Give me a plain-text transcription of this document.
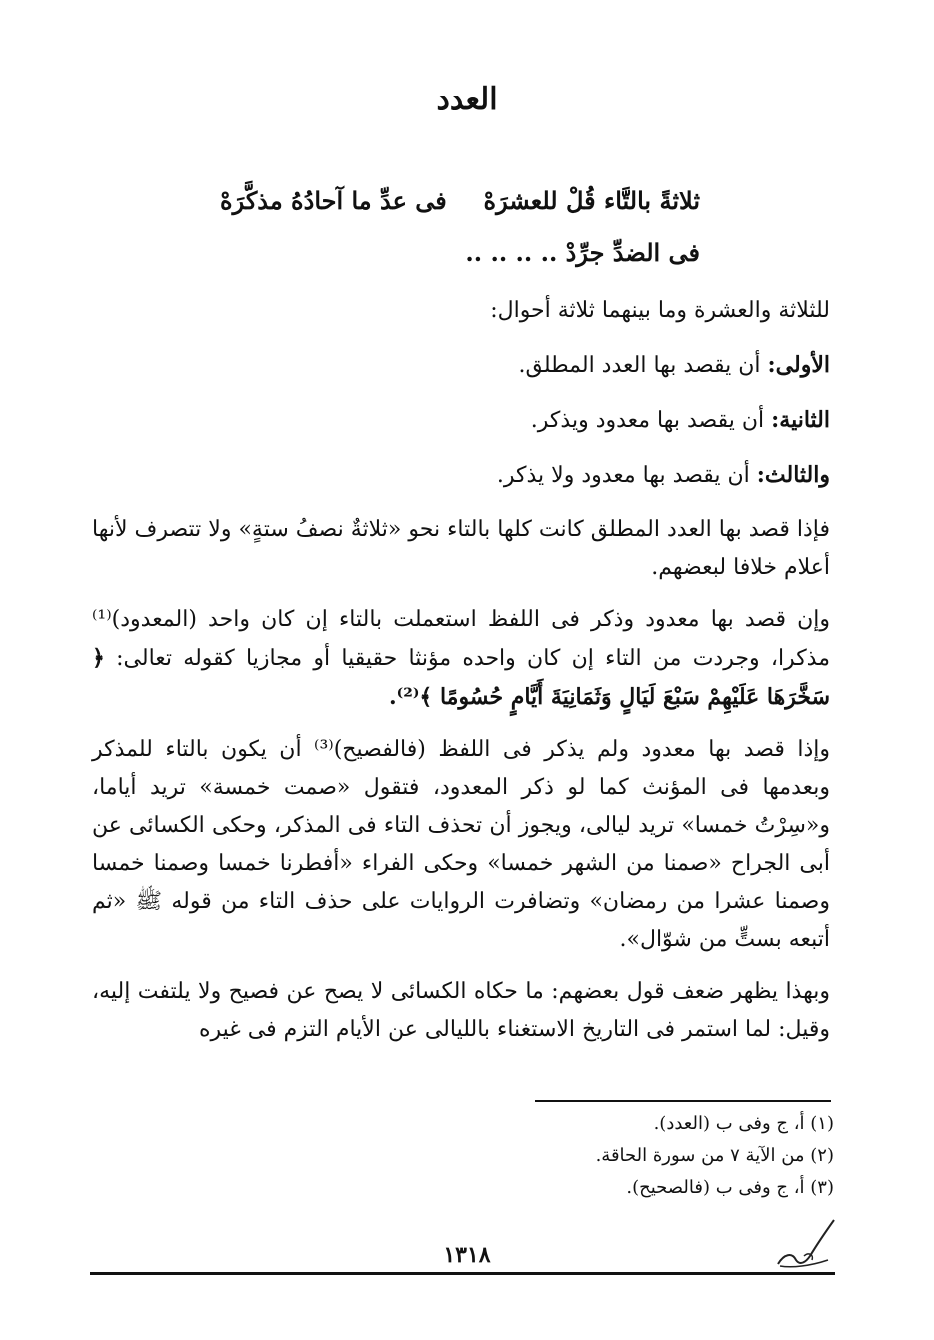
العدد
ثلاثةً بالتَّاء قُلْ للعشرَهْ
فى عدِّ ما آحادُهُ مذكَّرَهْ
فى الضدِّ جرِّدْ .. .. .. ..

للثلاثة والعشرة وما بينهما ثلاثة أحوال:

الأولى: أن يقصد بها العدد المطلق.

الثانية: أن يقصد بها معدود ويذكر.

والثالث: أن يقصد بها معدود ولا يذكر.

فإذا قصد بها العدد المطلق كانت كلها بالتاء نحو «ثلاثةٌ نصفُ ستةٍ» ولا تتصرف لأنها أعلام خلافا لبعضهم.

وإن قصد بها معدود وذكر فى اللفظ استعملت بالتاء إن كان واحد (المعدود)⁽¹⁾ مذكرا، وجردت من التاء إن كان واحده مؤنثا حقيقيا أو مجازيا كقوله تعالى: ﴿ سَخَّرَهَا عَلَيْهِمْ سَبْعَ لَيَالٍ وَثَمَانِيَةَ أَيَّامٍ حُسُومًا ﴾⁽²⁾.

وإذا قصد بها معدود ولم يذكر فى اللفظ (فالفصيح)⁽³⁾ أن يكون بالتاء للمذكر وبعدمها فى المؤنث كما لو ذكر المعدود، فتقول «صمت خمسة» تريد أياما، و«سِرْتُ خمسا» تريد ليالى، ويجوز أن تحذف التاء فى المذكر، وحكى الكسائى عن أبى الجراح «صمنا من الشهر خمسا» وحكى الفراء «أفطرنا خمسا وصمنا خمسا وصمنا عشرا من رمضان» وتضافرت الروايات على حذف التاء من قوله ﷺ «ثم أتبعه بستٍّ من شوّال».

وبهذا يظهر ضعف قول بعضهم: ما حكاه الكسائى لا يصح عن فصيح ولا يلتفت إليه، وقيل: لما استمر فى التاريخ الاستغناء بالليالى عن الأيام التزم فى غيره

(١) أ، ج وفى ب (العدد).
(٢) من الآية ٧ من سورة الحاقة.
(٣) أ، ج وفى ب (فالصحيح).
١٣١٨
